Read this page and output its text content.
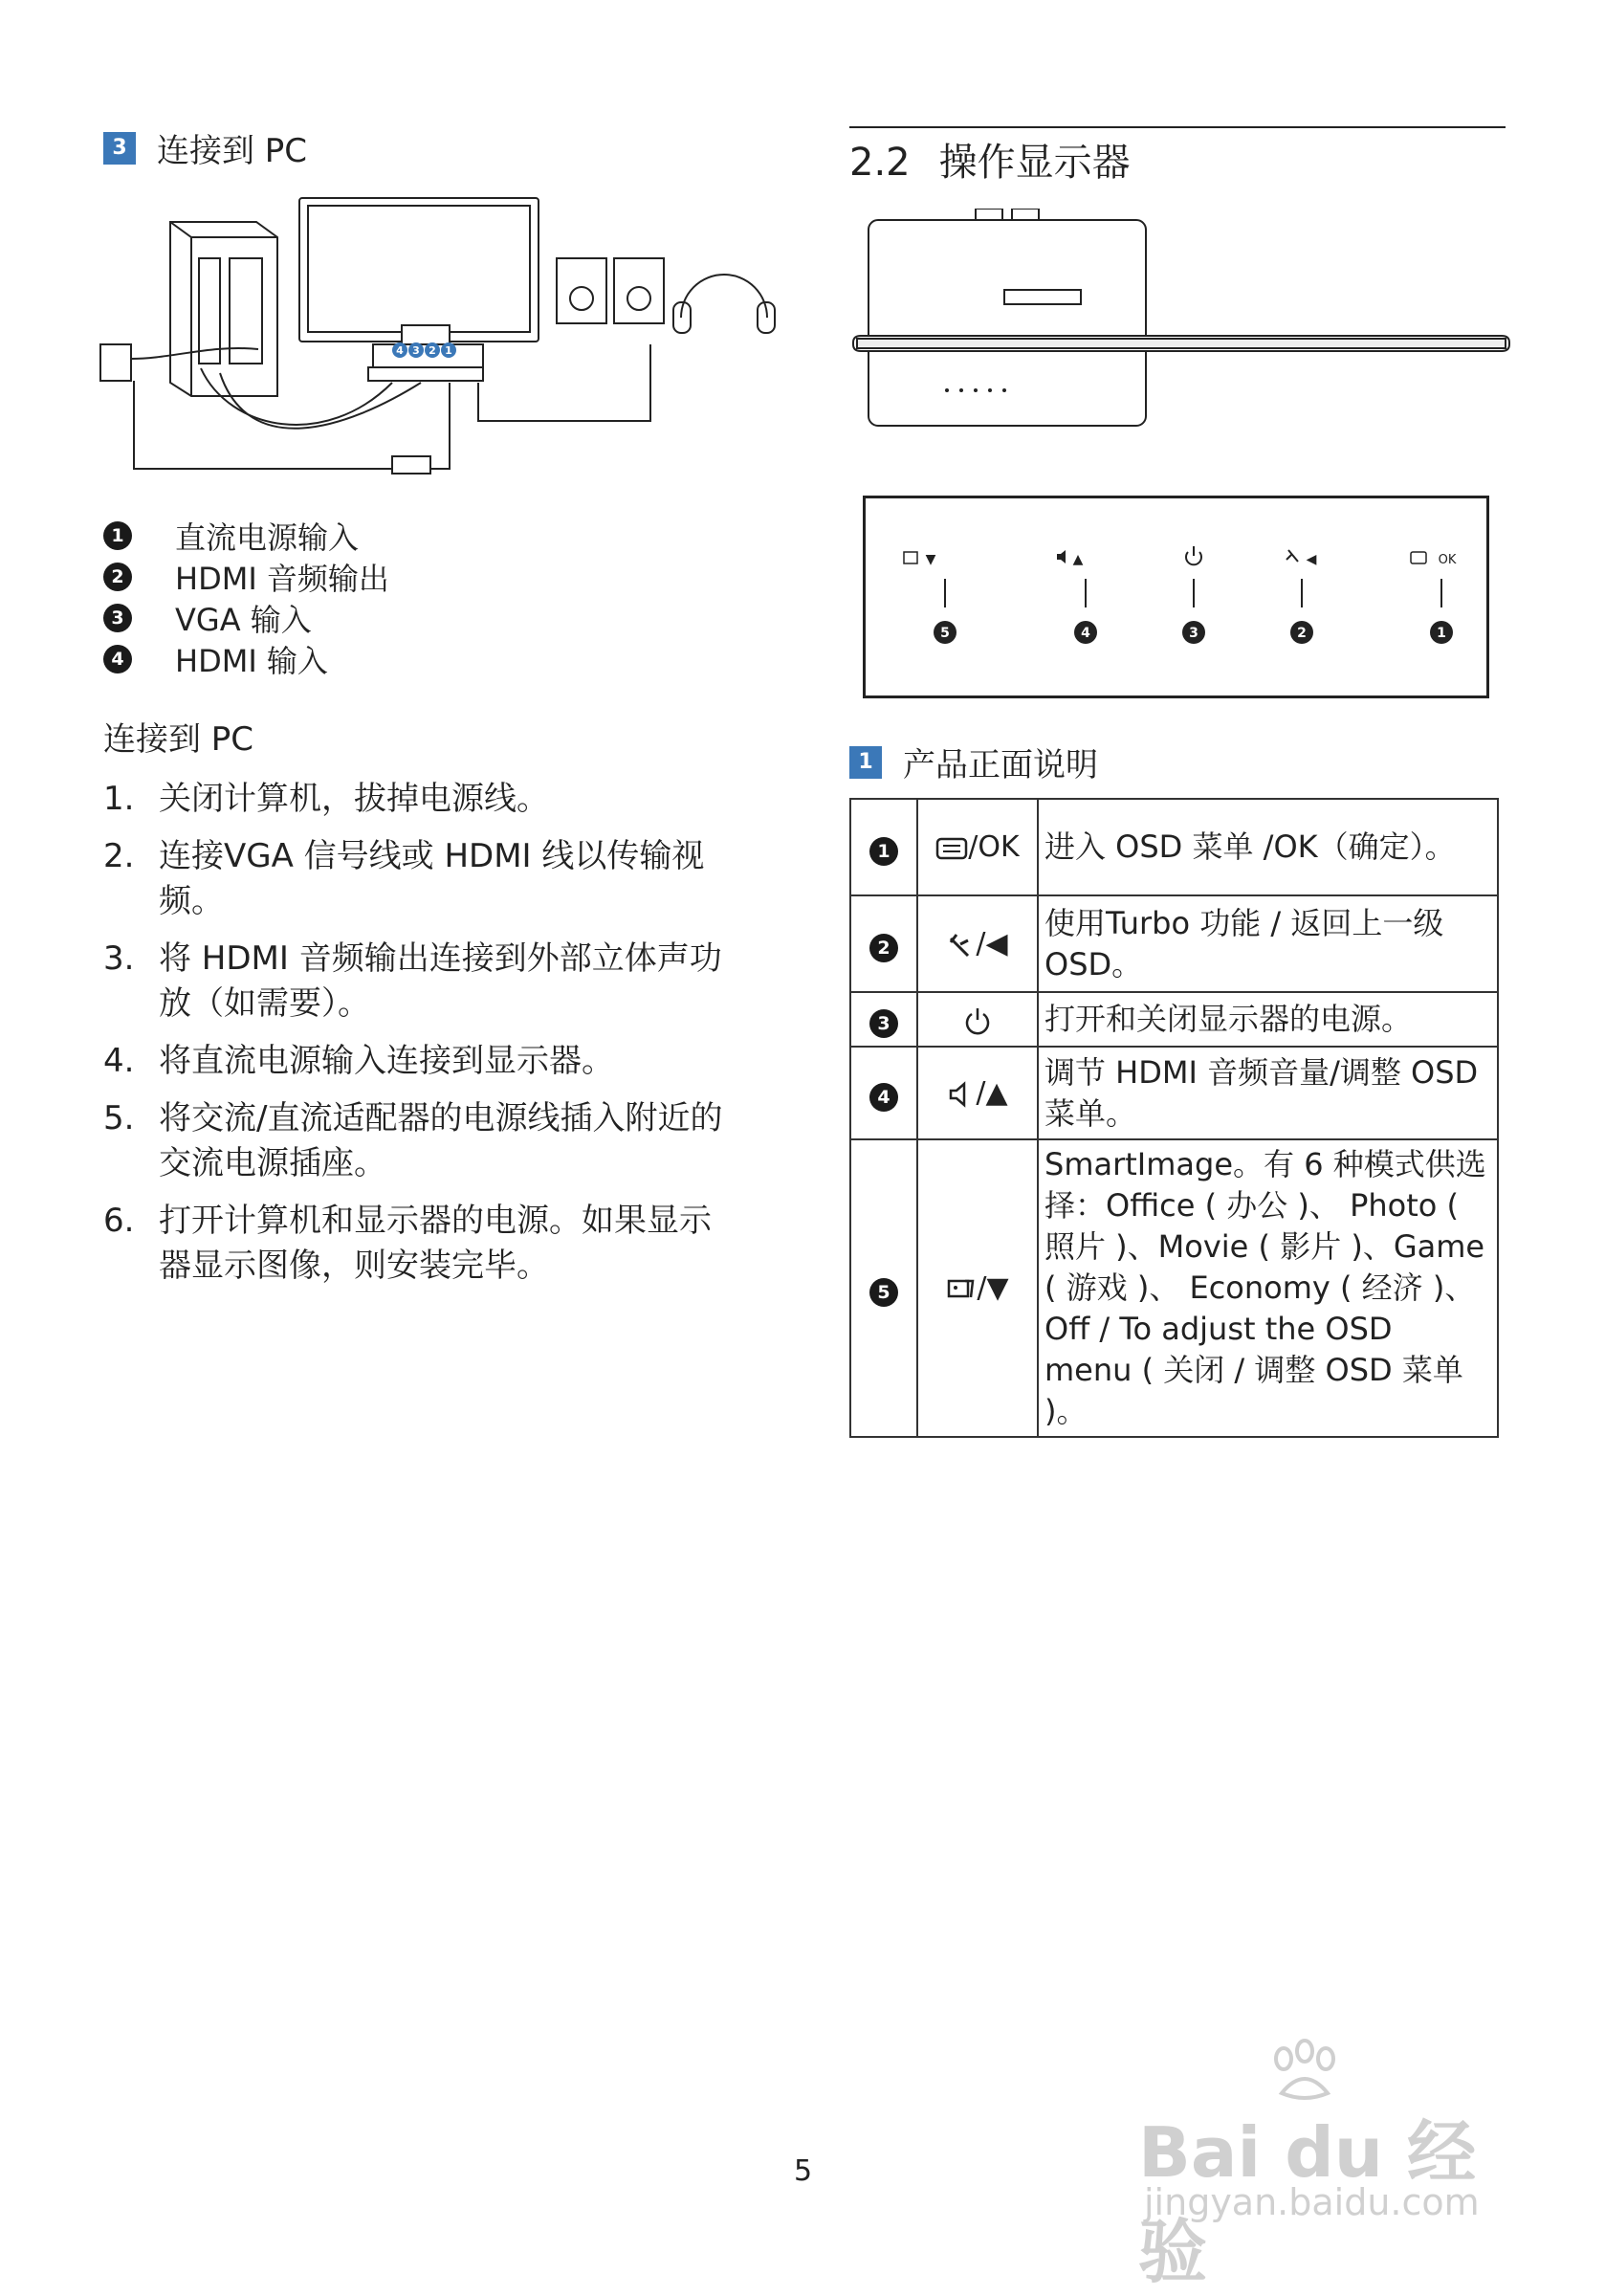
3 连接到 PC
4 3 2 1
1 直流电源输入
2 HDMI 音频输出
3 VGA 输入
4 HDMI 输入
连接到 PC
1. 关闭计算机，拔掉电源线。
2. 连接VGA 信号线或 HDMI 线以传输视频。
3. 将 HDMI 音频输出连接到外部立体声功放（如需要）。
4. 将直流电源输入连接到显示器。
5. 将交流/直流适配器的电源线插入附近的交流电源插座。
6. 打开计算机和显示器的电源。如果显示器显示图像，则安装完毕。
2.2 操作显示器
▼
5
▲
4	3
◀
2
OK
1
1 产品正面说明
1	/OK	进入 OSD 菜单 /OK（确定）。
2	/◀	使用Turbo 功能 / 返回上一级 OSD。
3		打开和关闭显示器的电源。
4	/▲	调节 HDMI 音频音量/调整 OSD 菜单。
5	/▼	SmartImage。有 6 种模式供选择：Office ( 办公 )、 Photo ( 照片 )、Movie ( 影片 )、Game ( 游戏 )、 Economy ( 经济 )、 Off / To adjust the OSD menu ( 关闭 / 调整 OSD 菜单 )。
5	Bai du 经验
jingyan.baidu.com
